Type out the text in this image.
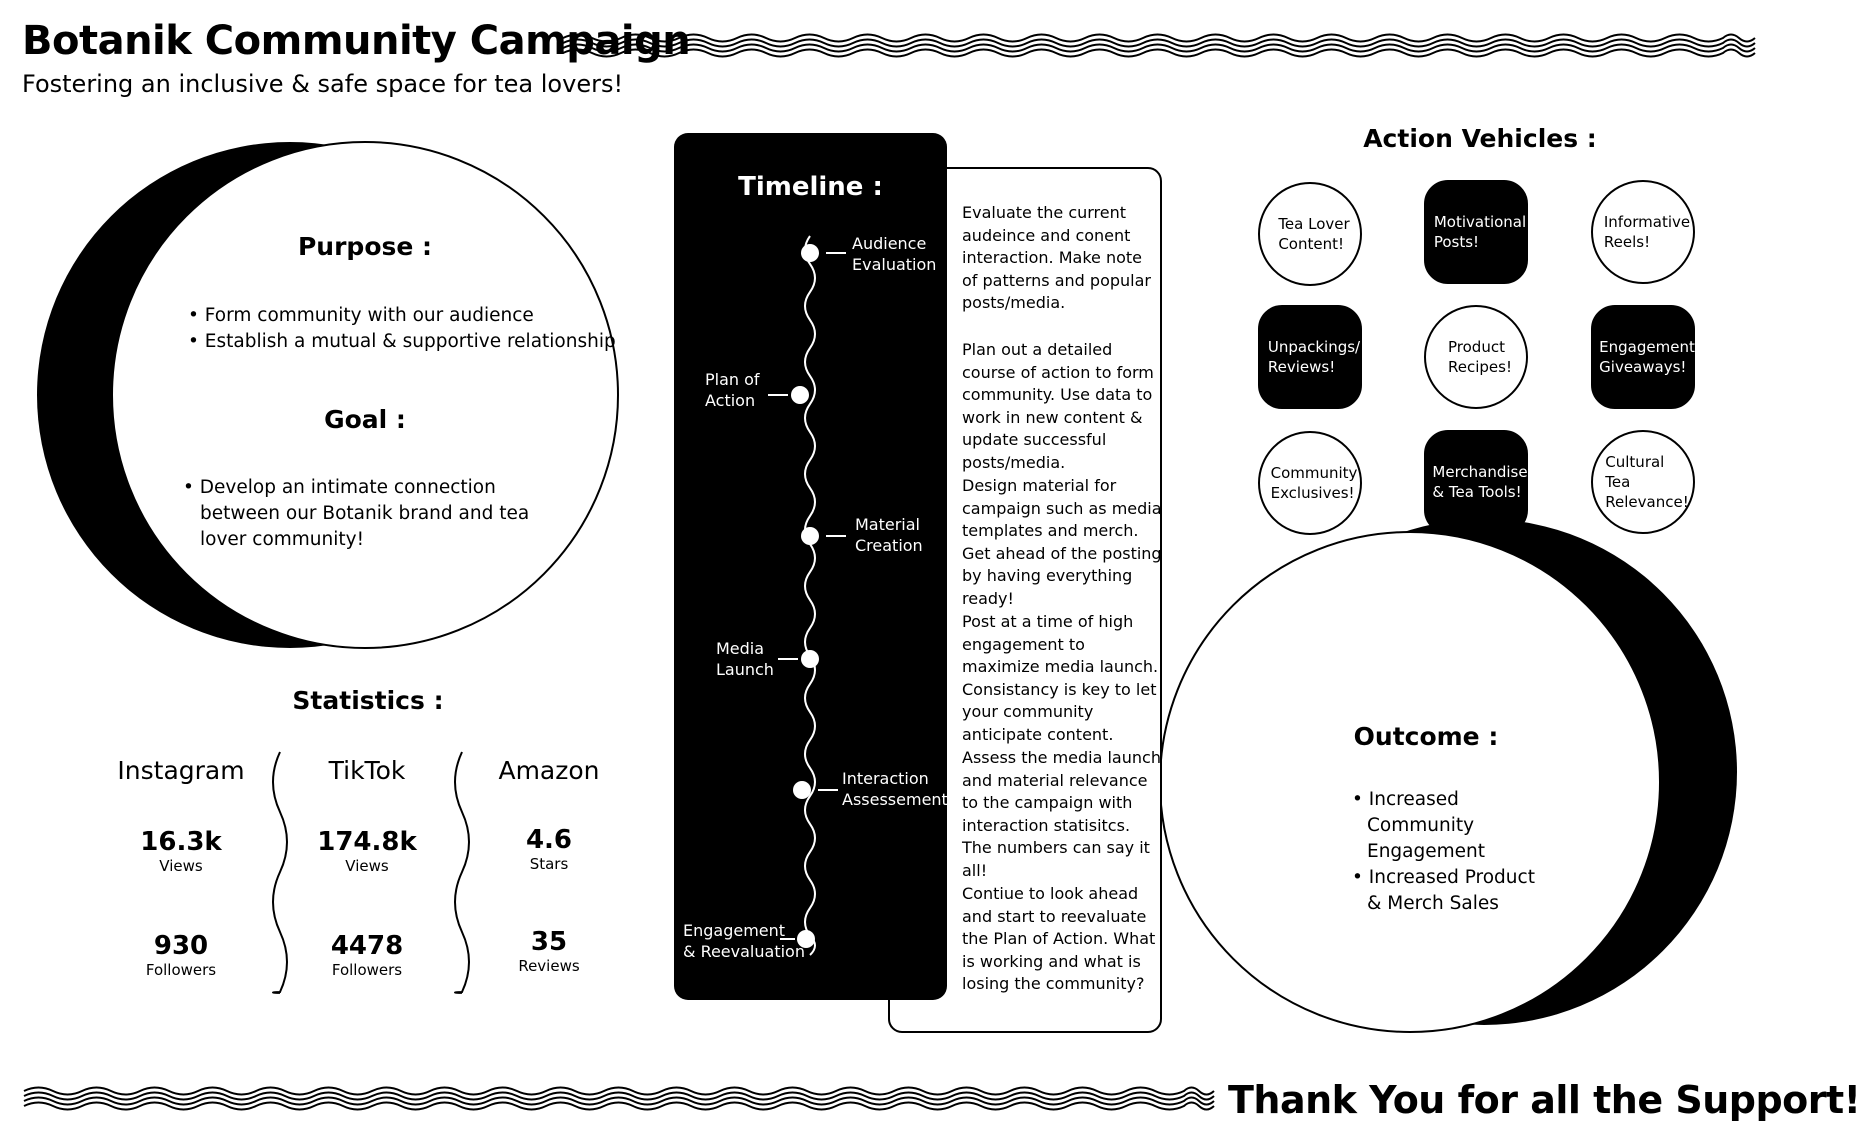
Botanik Community Campaign
Fostering an inclusive & safe space for tea lovers!
Purpose :
• Form community with our audience
• Establish a mutual & supportive relationship
Goal :
• Develop an intimate connection between our Botanik brand and tea lover community!
Statistics :
Instagram
16.3k
Views
930
Followers
TikTok
174.8k
Views
4478
Followers
Amazon
4.6
Stars
35
Reviews
Timeline :
Audience
Evaluation
Plan of
Action
Material
Creation
Media
Launch
Interaction
Assessement
Engagement
& Reevaluation
Evaluate the current audeince and conent interaction. Make note of patterns and popular posts/media.
Plan out a detailed course of action to form community. Use data to work in new content & update successful posts/media.
Design material for campaign such as media templates and merch. Get ahead of the posting by having everything ready!
Post at a time of high engagement to maximize media launch. Consistancy is key to let your community anticipate content.
Assess the media launch and material relevance to the campaign with interaction statisitcs. The numbers can say it all!
Contiue to look ahead and start to reevaluate the Plan of Action. What is working and what is losing the community?
Action Vehicles :
Tea Lover
Content!
Motivational
Posts!
Informative
Reels!
Unpackings/
Reviews!
Product
Recipes!
Engagement
Giveaways!
Community
Exclusives!
Merchandise
& Tea Tools!
Cultural Tea
Relevance!
Outcome :
• Increased Community Engagement
• Increased Product & Merch Sales
Thank You for all the Support!
